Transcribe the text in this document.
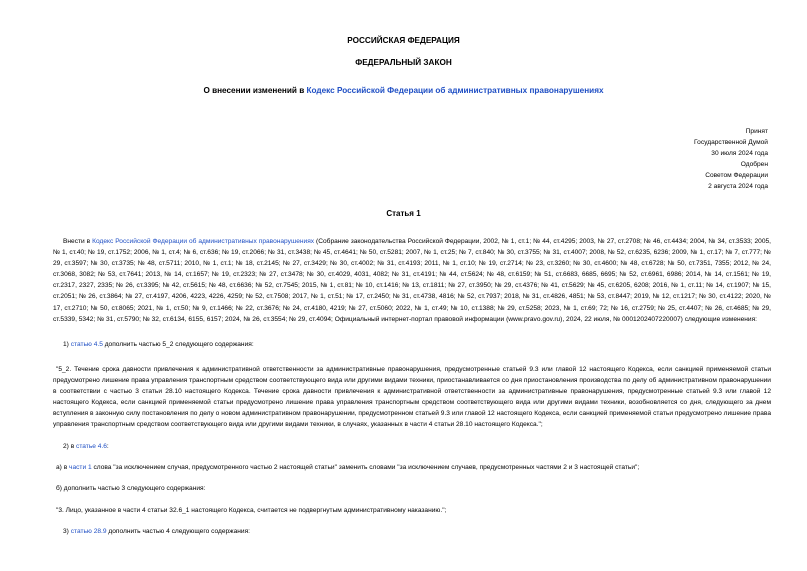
РОССИЙСКАЯ ФЕДЕРАЦИЯ
ФЕДЕРАЛЬНЫЙ ЗАКОН
О внесении изменений в Кодекс Российской Федерации об административных правонарушениях
Принят
Государственной Думой
30 июля 2024 года
Одобрен
Советом Федерации
2 августа 2024 года
Статья 1

Внести в Кодекс Российской Федерации об административных правонарушениях (Собрание законодательства Российской Федерации, 2002, № 1, ст.1; № 44, ст.4295; 2003, № 27, ст.2708; № 46, ст.4434; 2004, № 34, ст.3533; 2005, № 1, ст.40; № 19, ст.1752; 2006, № 1, ст.4; № 6, ст.636; № 19, ст.2066; № 31, ст.3438; № 45, ст.4641; № 50, ст.5281; 2007, № 1, ст.25; № 7, ст.840; № 30, ст.3755; № 31, ст.4007; 2008, № 52, ст.6235, 6236; 2009, № 1, ст.17; № 7, ст.777; № 29, ст.3597; № 30, ст.3735; № 48, ст.5711; 2010, № 1, ст.1; № 18, ст.2145; № 27, ст.3429; № 30, ст.4002; № 31, ст.4193; 2011, № 1, ст.10; № 19, ст.2714; № 23, ст.3260; № 30, ст.4600; № 48, ст.6728; № 50, ст.7351, 7355; 2012, № 24, ст.3068, 3082; № 53, ст.7641; 2013, № 14, ст.1657; № 19, ст.2323; № 27, ст.3478; № 30, ст.4029, 4031, 4082; № 31, ст.4191; № 44, ст.5624; № 48, ст.6159; № 51, ст.6683, 6685, 6695; № 52, ст.6961, 6986; 2014, № 14, ст.1561; № 19, ст.2317, 2327, 2335; № 26, ст.3395; № 42, ст.5615; № 48, ст.6636; № 52, ст.7545; 2015, № 1, ст.81; № 10, ст.1416; № 13, ст.1811; № 27, ст.3950; № 29, ст.4376; № 41, ст.5629; № 45, ст.6205, 6208; 2016, № 1, ст.11; № 14, ст.1907; № 15, ст.2051; № 26, ст.3864; № 27, ст.4197, 4206, 4223, 4226, 4259; № 52, ст.7508; 2017, № 1, ст.51; № 17, ст.2450; № 31, ст.4738, 4816; № 52, ст.7937; 2018, № 31, ст.4826, 4851; № 53, ст.8447; 2019, № 12, ст.1217; № 30, ст.4122; 2020, № 17, ст.2710; № 50, ст.8065; 2021, № 1, ст.50; № 9, ст.1466; № 22, ст.3676; № 24, ст.4180, 4219; № 27, ст.5060; 2022, № 1, ст.49; № 10, ст.1388; № 29, ст.5258; 2023, № 1, ст.69; 72; № 16, ст.2759; № 25, ст.4407; № 26, ст.4685; № 29, ст.5339, 5342; № 31, ст.5790; № 32, ст.6134, 6155, 6157; 2024, № 26, ст.3554; № 29, ст.4094; Официальный интернет-портал правовой информации (www.pravo.gov.ru), 2024, 22 июля, № 0001202407220007) следующие изменения:

1) статью 4.5 дополнить частью 5_2 следующего содержания:

"5_2. Течение срока давности привлечения к административной ответственности за административные правонарушения, предусмотренные статьей 9.3 или главой 12 настоящего Кодекса, если санкцией применяемой статьи предусмотрено лишение права управления транспортным средством соответствующего вида или другими видами техники, приостанавливается со дня приостановления производства по делу об административном правонарушении в соответствии с частью 3 статьи 28.10 настоящего Кодекса. Течение срока давности привлечения к административной ответственности за административные правонарушения, предусмотренные статьей 9.3 или главой 12 настоящего Кодекса, если санкцией применяемой статьи предусмотрено лишение права управления транспортным средством соответствующего вида или другими видами техники, возобновляется со дня, следующего за днем вступления в законную силу постановления по делу о новом административном правонарушении, предусмотренном статьей 9.3 или главой 12 настоящего Кодекса, если санкцией применяемой статьи предусмотрено лишение права управления транспортным средством соответствующего вида или другими видами техники, в случаях, указанных в части 4 статьи 28.10 настоящего Кодекса.";

2) в статье 4.6:

а) в части 1 слова "за исключением случая, предусмотренного частью 2 настоящей статьи" заменить словами "за исключением случаев, предусмотренных частями 2 и 3 настоящей статьи";

б) дополнить частью 3 следующего содержания:

"3. Лицо, указанное в части 4 статьи 32.6_1 настоящего Кодекса, считается не подвергнутым административному наказанию.";

3) статью 28.9 дополнить частью 4 следующего содержания:
